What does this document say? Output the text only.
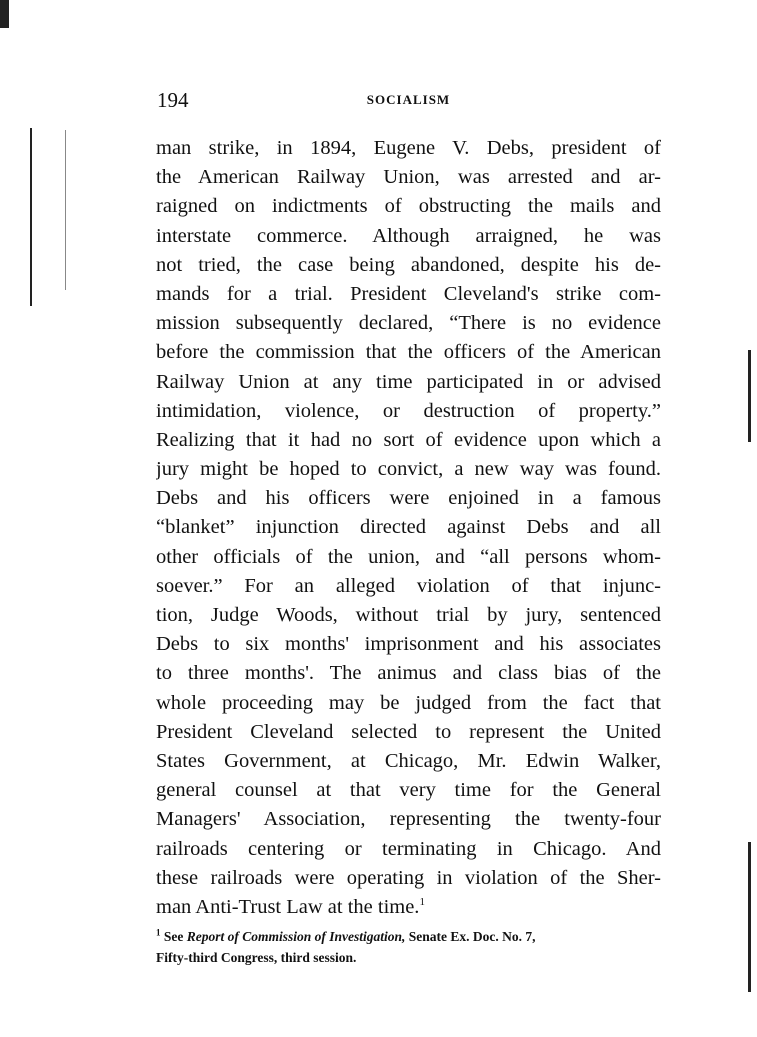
194	SOCIALISM
man strike, in 1894, Eugene V. Debs, president of
the American Railway Union, was arrested and ar-
raigned on indictments of obstructing the mails and
interstate commerce. Although arraigned, he was
not tried, the case being abandoned, despite his de-
mands for a trial. President Cleveland's strike com-
mission subsequently declared, “There is no evidence
before the commission that the officers of the American
Railway Union at any time participated in or advised
intimidation, violence, or destruction of property.”
Realizing that it had no sort of evidence upon which a
jury might be hoped to convict, a new way was found.
Debs and his officers were enjoined in a famous
“blanket” injunction directed against Debs and all
other officials of the union, and “all persons whom-
soever.” For an alleged violation of that injunc-
tion, Judge Woods, without trial by jury, sentenced
Debs to six months' imprisonment and his associates
to three months'. The animus and class bias of the
whole proceeding may be judged from the fact that
President Cleveland selected to represent the United
States Government, at Chicago, Mr. Edwin Walker,
general counsel at that very time for the General
Managers' Association, representing the twenty-four
railroads centering or terminating in Chicago. And
these railroads were operating in violation of the Sher-
man Anti-Trust Law at the time.$^1$
$^1$ See Report of Commission of Investigation, Senate Ex. Doc. No. 7,
Fifty-third Congress, third session.
